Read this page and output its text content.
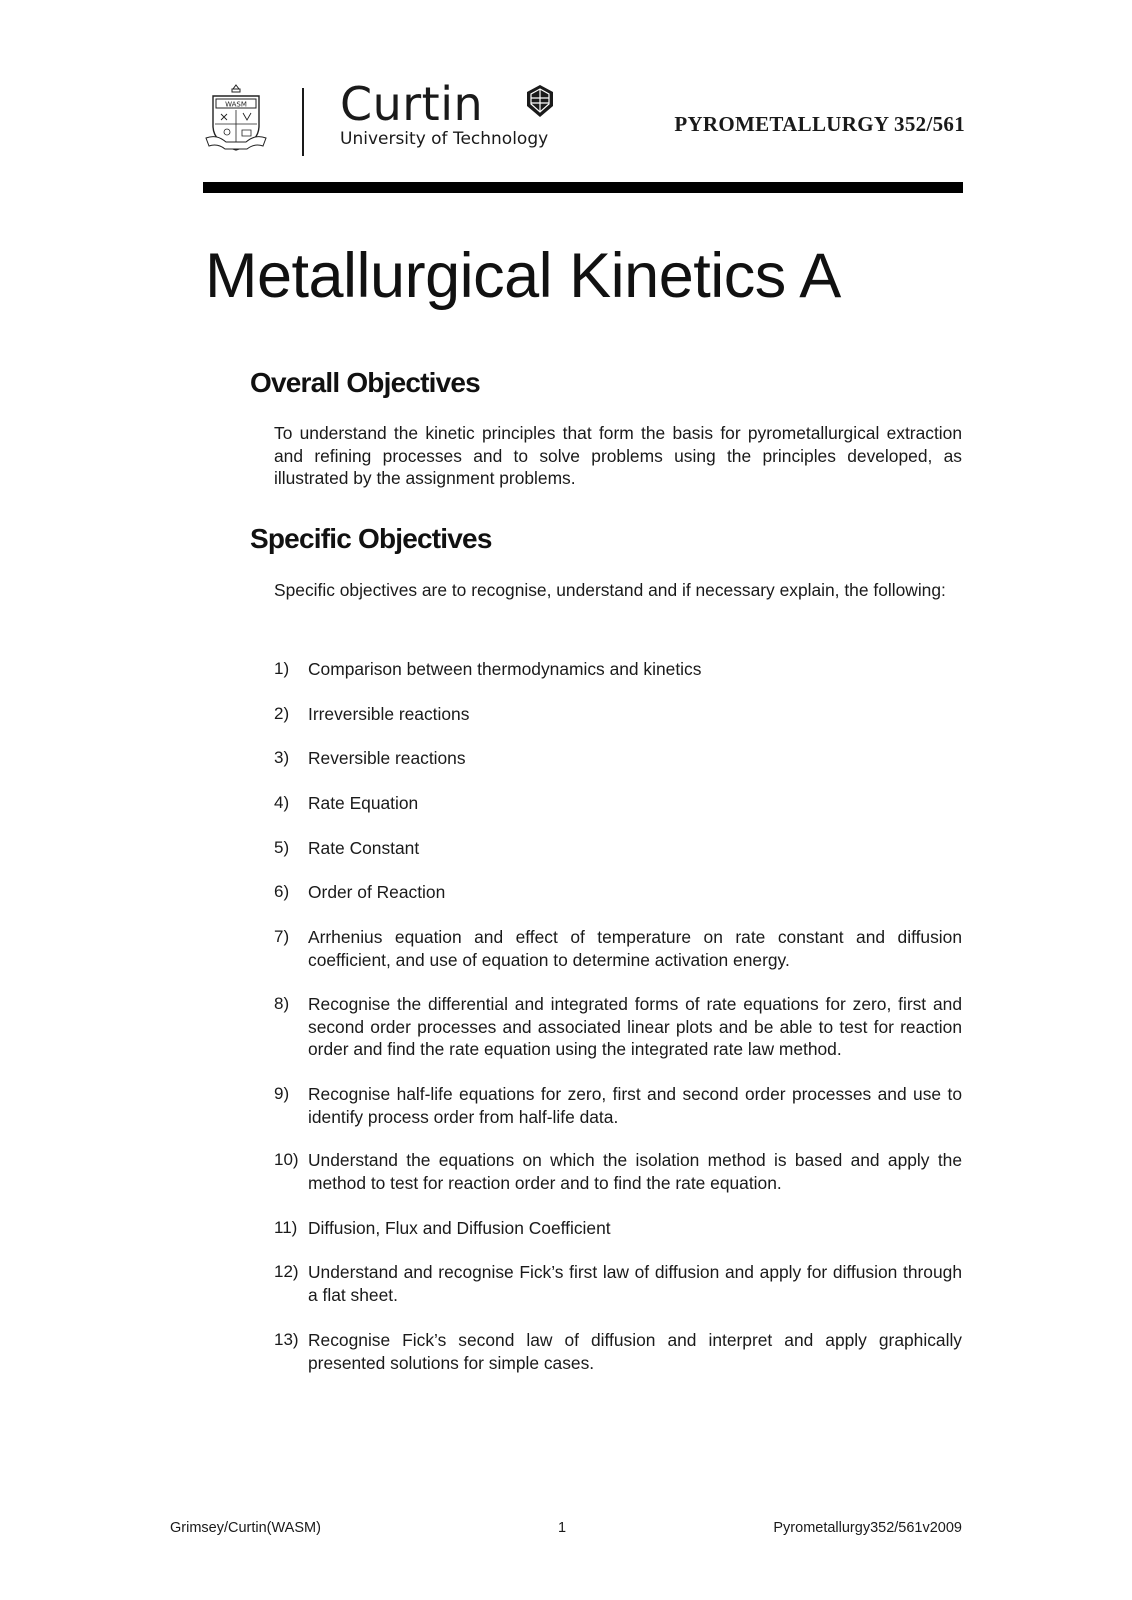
WASM Curtin
University of Technology
PYROMETALLURGY 352/561
Metallurgical Kinetics A
Overall Objectives
To understand the kinetic principles that form the basis for pyrometallurgical extraction and refining processes and to solve problems using the principles developed, as illustrated by the assignment problems.
Specific Objectives
Specific objectives are to recognise, understand and if necessary explain, the following:
1)	Comparison between thermodynamics and kinetics
2)	Irreversible reactions
3)	Reversible reactions
4)	Rate Equation
5)	Rate Constant
6)	Order of Reaction
7)	Arrhenius equation and effect of temperature on rate constant and diffusion coefficient, and use of equation to determine activation energy.
8)	Recognise the differential and integrated forms of rate equations for zero, first and second order processes and associated linear plots and be able to test for reaction order and find the rate equation using the integrated rate law method.
9)	Recognise half-life equations for zero, first and second order processes and use to identify process order from half-life data.
10) Understand the equations on which the isolation method is based and apply the method to test for reaction order and to find the rate equation.
11) Diffusion, Flux and Diffusion Coefficient
12) Understand and recognise Fick’s first law of diffusion and apply for diffusion through a flat sheet.
13) Recognise Fick’s second law of diffusion and interpret and apply graphically presented solutions for simple cases.
Grimsey/Curtin(WASM)	1	Pyrometallurgy352/561v2009
